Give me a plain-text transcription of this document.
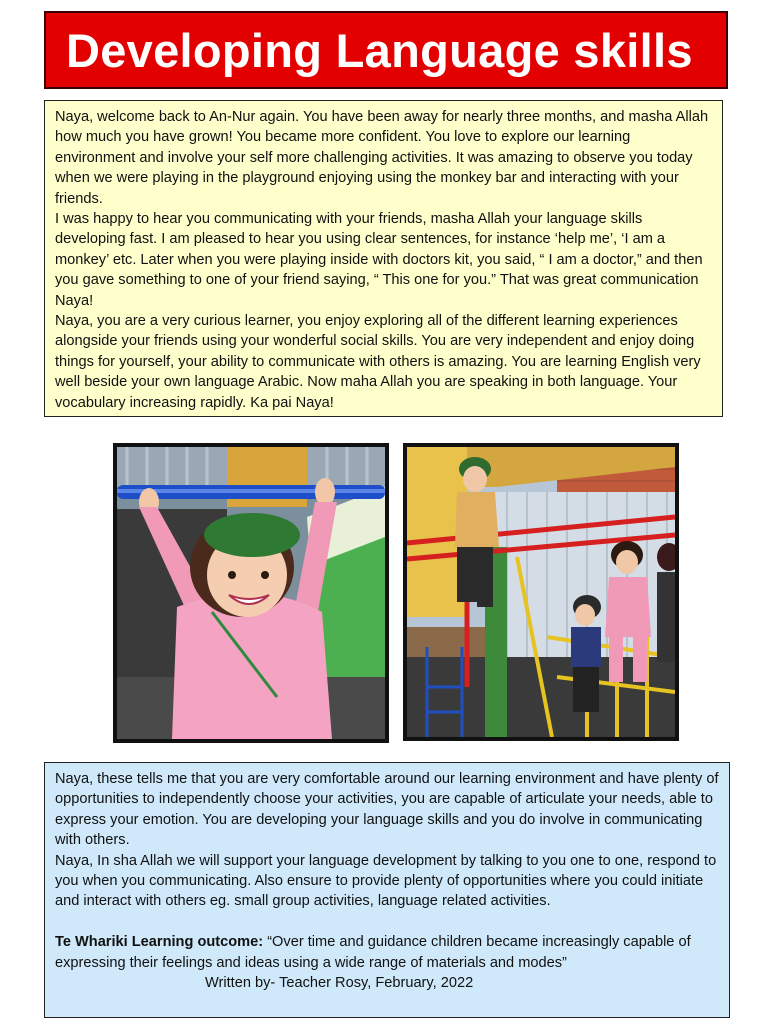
Developing Language skills

Naya, welcome back to An-Nur again. You have been away for nearly three months, and masha Allah how much you have grown! You became more confident. You love to explore our learning environment and involve your self more challenging activities. It was amazing to observe you today when we were playing in the playground enjoying using the monkey bar and interacting with your friends.

I was happy to hear you communicating with your friends, masha Allah your language skills developing fast. I am pleased to hear you using clear sentences, for instance ‘help me’, ‘I am a monkey’ etc. Later when you were playing inside with doctors kit, you said, “ I am a doctor,” and then you gave something to one of your friend saying, “ This one for you.” That was great communication Naya!

Naya, you are a very curious learner, you enjoy exploring all of the different learning experiences alongside your friends using your wonderful social skills. You are very independent and enjoy doing things for yourself, your ability to communicate with others is amazing. You are learning English very well beside your own language Arabic. Now maha Allah you are speaking in both language. Your vocabulary increasing rapidly. Ka pai Naya!

Naya, these tells me that you are very comfortable around our learning environment and have plenty of opportunities to independently choose your activities, you are capable of articulate your needs, able to express your emotion. You are developing your language skills and you do involve in communicating with others.

Naya, In sha Allah we will support your language development by talking to you one to one, respond to you when you communicating. Also ensure to provide plenty of opportunities where you could initiate and interact with others eg. small group activities, language related activities.

Te Whariki Learning outcome: “Over time and guidance children became increasingly capable of expressing their feelings and ideas using a wide range of materials and modes”

Written by- Teacher Rosy, February, 2022
